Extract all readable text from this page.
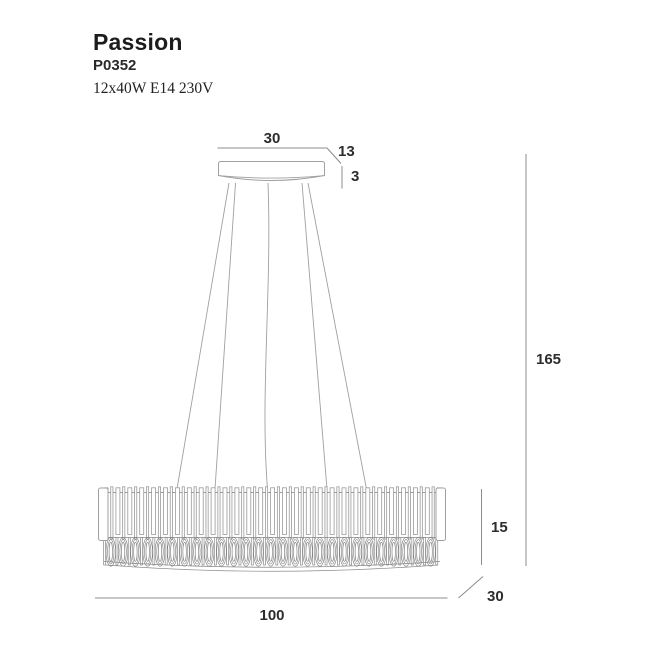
Passion
P0352
12x40W E14 230V
30
13
3
165
15
100
30
